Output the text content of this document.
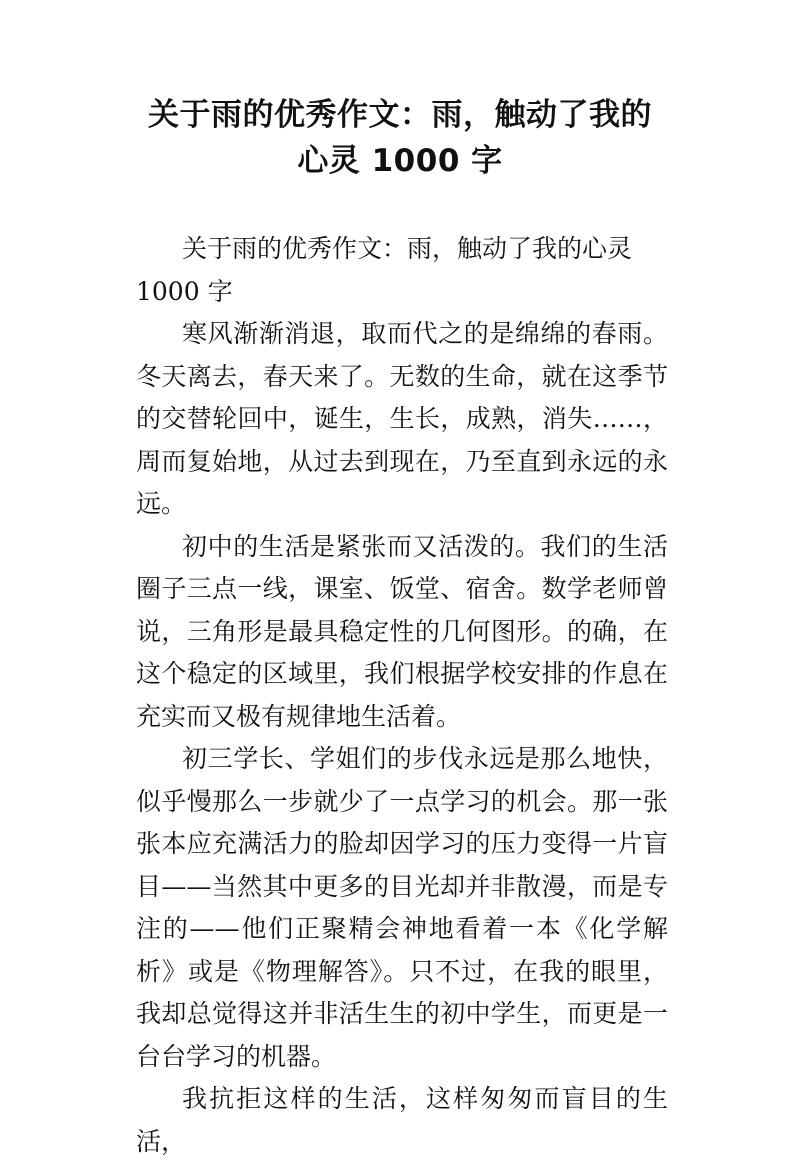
关于雨的优秀作文：雨，触动了我的
心灵 1000 字

关于雨的优秀作文：雨，触动了我的心灵

1000 字

寒风渐渐消退，取而代之的是绵绵的春雨。冬天离去，春天来了。无数的生命，就在这季节的交替轮回中，诞生，生长，成熟，消失……，周而复始地，从过去到现在，乃至直到永远的永远。

初中的生活是紧张而又活泼的。我们的生活圈子三点一线，课室、饭堂、宿舍。数学老师曾说，三角形是最具稳定性的几何图形。的确，在这个稳定的区域里，我们根据学校安排的作息在充实而又极有规律地生活着。

初三学长、学姐们的步伐永远是那么地快，似乎慢那么一步就少了一点学习的机会。那一张张本应充满活力的脸却因学习的压力变得一片盲目——当然其中更多的目光却并非散漫，而是专注的——他们正聚精会神地看着一本《化学解析》或是《物理解答》。只不过，在我的眼里，我却总觉得这并非活生生的初中学生，而更是一台台学习的机器。

我抗拒这样的生活，这样匆匆而盲目的生活，
